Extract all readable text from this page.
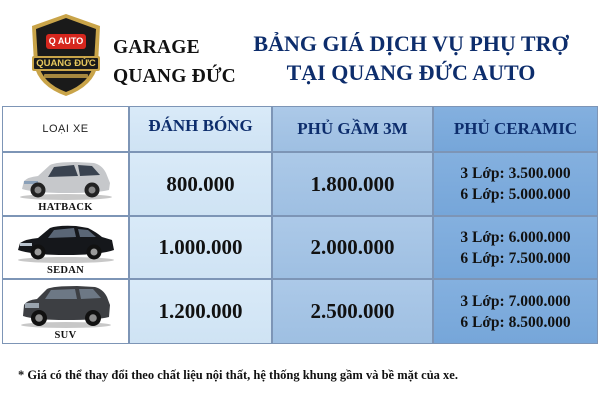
Q AUTO
QUANG ĐỨC
GARAGE
QUANG ĐỨC
BẢNG GIÁ DỊCH VỤ PHỤ TRỢ
TẠI QUANG ĐỨC AUTO
LOẠI XE	ĐÁNH BÓNG	PHỦ GẦM 3M	PHỦ CERAMIC
HATBACK
800.000	1.800.000	3 Lớp: 3.500.000
6 Lớp: 5.000.000
SEDAN
1.000.000	2.000.000	3 Lớp: 6.000.000
6 Lớp: 7.500.000
SUV
1.200.000	2.500.000	3 Lớp: 7.000.000
6 Lớp: 8.500.000
* Giá có thể thay đổi theo chất liệu nội thất, hệ thống khung gầm và bề mặt của xe.
